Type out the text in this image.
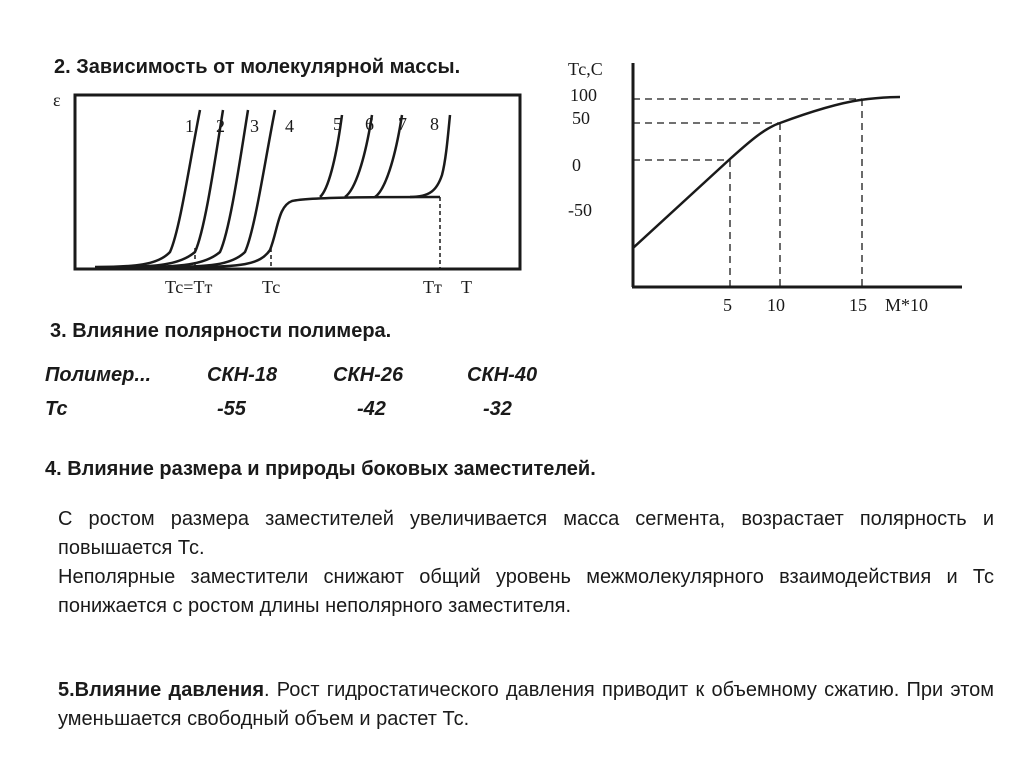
2. Зависимость от молекулярной массы.
ε
1 2 3 4 5 6 7 8
Тс=Тт	Тс	Тт Т
Тс,С
100
50
0
-50
5 10	15 M*10
3. Влияние полярности полимера.
Полимер...	СКН-18	СКН-26	СКН-40
Тс	-55	-42	-32
4. Влияние размера и природы боковых заместителей.
С ростом размера заместителей увеличивается масса сегмента, возрастает полярность и повышается Тс.
Неполярные заместители снижают общий уровень межмолекулярного взаимодействия и Тс понижается с ростом длины неполярного заместителя.
5.Влияние давления. Рост гидростатического давления приводит к объемному сжатию. При этом уменьшается свободный объем и растет Тс.
